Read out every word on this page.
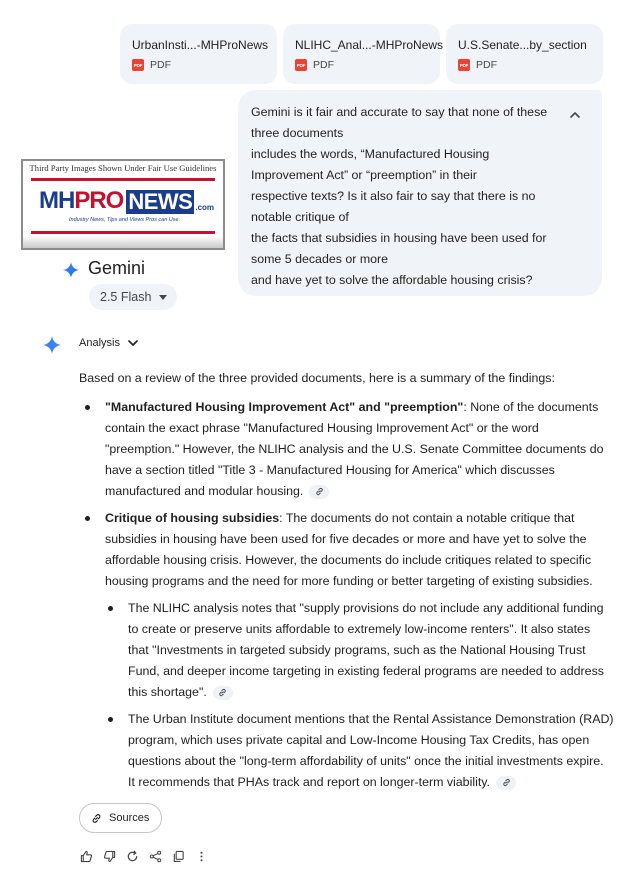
UrbanInsti...-MHProNews
PDF PDF
NLIHC_Anal...-MHProNews
PDF PDF
U.S.Senate...by_section
PDF PDF
Gemini is it fair and accurate to say that none of these
three documents
includes the words, “Manufactured Housing
Improvement Act” or “preemption” in their
respective texts? Is it also fair to say that there is no
notable critique of
the facts that subsidies in housing have been used for
some 5 decades or more
and have yet to solve the affordable housing crisis?
Third Party Images Shown Under Fair Use Guidelines
MH PRO NEWS .com
Industry News, Tips and Views Pros can Use.
Gemini
2.5 Flash
Analysis
Based on a review of the three provided documents, here is a summary of the findings:
"Manufactured Housing Improvement Act" and "preemption": None of the documents
contain the exact phrase "Manufactured Housing Improvement Act" or the word
"preemption." However, the NLIHC analysis and the U.S. Senate Committee documents do
have a section titled "Title 3 - Manufactured Housing for America" which discusses
manufactured and modular housing.
Critique of housing subsidies: The documents do not contain a notable critique that
subsidies in housing have been used for five decades or more and have yet to solve the
affordable housing crisis. However, the documents do include critiques related to specific
housing programs and the need for more funding or better targeting of existing subsidies.
The NLIHC analysis notes that "supply provisions do not include any additional funding
to create or preserve units affordable to extremely low-income renters". It also states
that "Investments in targeted subsidy programs, such as the National Housing Trust
Fund, and deeper income targeting in existing federal programs are needed to address
this shortage".
The Urban Institute document mentions that the Rental Assistance Demonstration (RAD)
program, which uses private capital and Low-Income Housing Tax Credits, has open
questions about the "long-term affordability of units" once the initial investments expire.
It recommends that PHAs track and report on longer-term viability.
Sources
